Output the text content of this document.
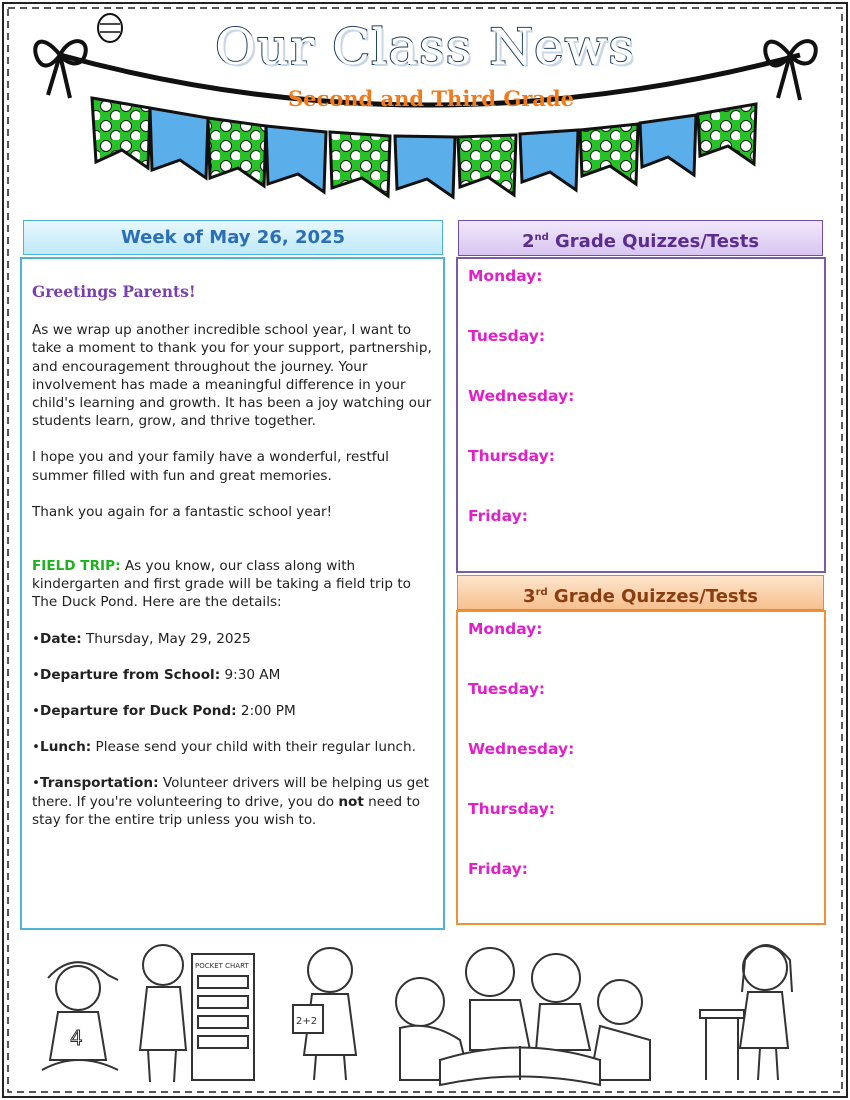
Our Class News
Second and Third Grade
Week of May 26, 2025

Greetings Parents!

As we wrap up another incredible school year, I want to take a moment to thank you for your support, partnership, and encouragement throughout the journey. Your involvement has made a meaningful difference in your child's learning and growth. It has been a joy watching our students learn, grow, and thrive together.

I hope you and your family have a wonderful, restful summer filled with fun and great memories.

Thank you again for a fantastic school year!

FIELD TRIP: As you know, our class along with kindergarten and first grade will be taking a field trip to The Duck Pond. Here are the details:

•Date: Thursday, May 29, 2025

•Departure from School: 9:30 AM

•Departure for Duck Pond: 2:00 PM

•Lunch: Please send your child with their regular lunch.

•Transportation: Volunteer drivers will be helping us get there. If you're volunteering to drive, you do not need to stay for the entire trip unless you wish to.

2nd Grade Quizzes/Tests
Monday:
Tuesday:
Wednesday:
Thursday:
Friday:
3rd Grade Quizzes/Tests
Monday:
Tuesday:
Wednesday:
Thursday:
Friday:
4
POCKET CHART
2+2
